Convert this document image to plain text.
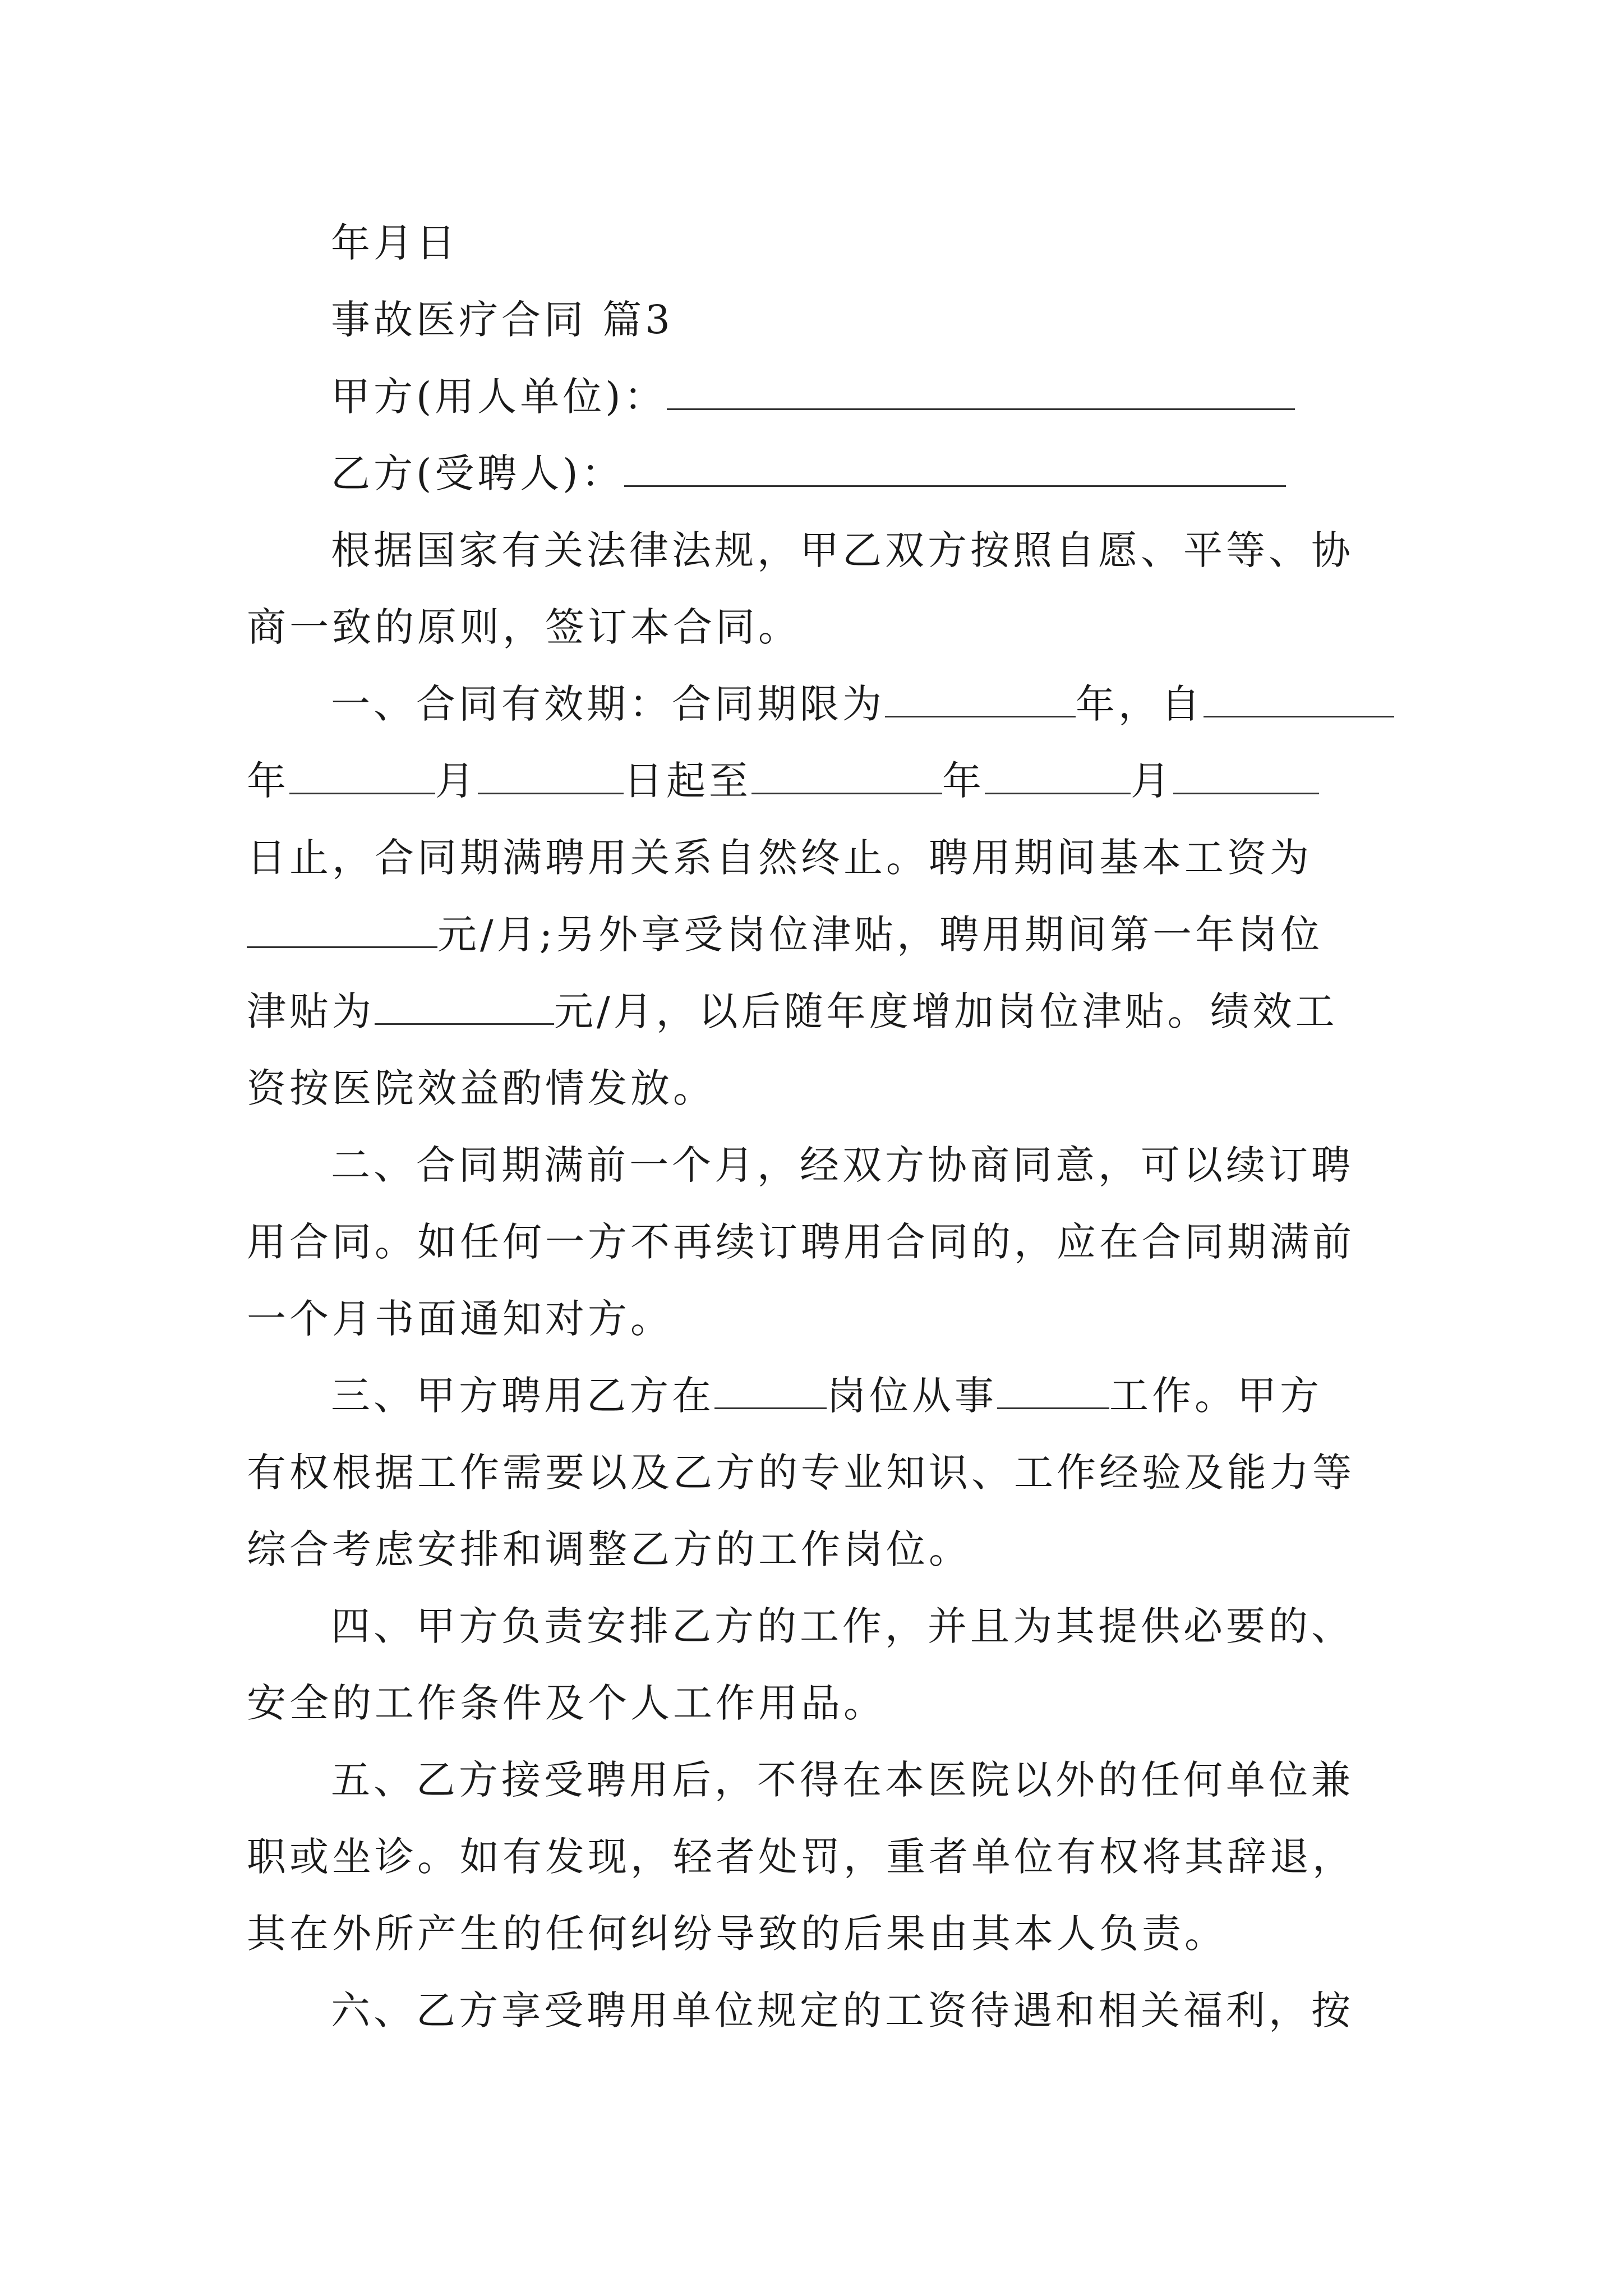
年月日
事故医疗合同 篇3
甲方(用人单位)：
乙方(受聘人)：
根据国家有关法律法规，甲乙双方按照自愿、平等、协
商一致的原则，签订本合同。
一、合同有效期：合同期限为	年，自
年	月	日起至	年	月
日止，合同期满聘用关系自然终止。聘用期间基本工资为
元/月;另外享受岗位津贴，聘用期间第一年岗位
津贴为	元/月，以后随年度增加岗位津贴。绩效工
资按医院效益酌情发放。
二、合同期满前一个月，经双方协商同意，可以续订聘
用合同。如任何一方不再续订聘用合同的，应在合同期满前
一个月书面通知对方。
三、甲方聘用乙方在	岗位从事	工作。甲方
有权根据工作需要以及乙方的专业知识、工作经验及能力等
综合考虑安排和调整乙方的工作岗位。
四、甲方负责安排乙方的工作，并且为其提供必要的、
安全的工作条件及个人工作用品。
五、乙方接受聘用后，不得在本医院以外的任何单位兼
职或坐诊。如有发现，轻者处罚，重者单位有权将其辞退，
其在外所产生的任何纠纷导致的后果由其本人负责。
六、乙方享受聘用单位规定的工资待遇和相关福利，按
